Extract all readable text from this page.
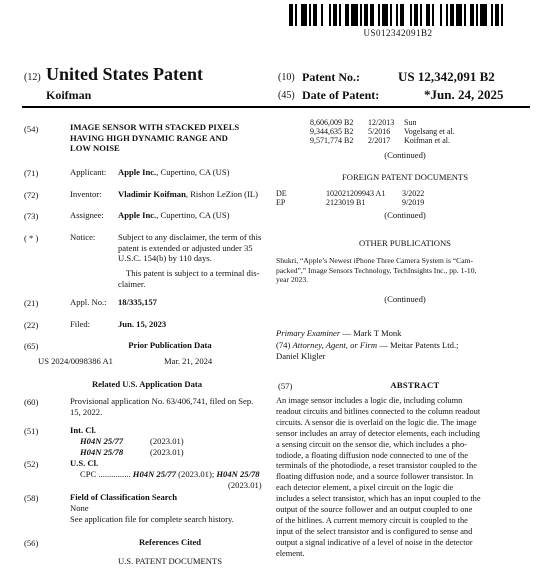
US012342091B2
(12) United States Patent
Koifman
(10) Patent No.:	US 12,342,091 B2
(45) Date of Patent:	*Jun. 24, 2025
(54)	IMAGE SENSOR WITH STACKED PIXELS
HAVING HIGH DYNAMIC RANGE AND
LOW NOISE
(71)	Applicant: Apple Inc., Cupertino, CA (US)
(72)	Inventor: Vladimir Koifman, Rishon LeZion (IL)
(73)	Assignee: Apple Inc., Cupertino, CA (US)
( * )	Notice:	Subject to any disclaimer, the term of this
patent is extended or adjusted under 35
U.S.C. 154(b) by 110 days.
This patent is subject to a terminal dis-
claimer.
(21)	Appl. No.: 18/335,157
(22)	Filed:	Jun. 15, 2023
(65)	Prior Publication Data
US 2024/0098386 A1	Mar. 21, 2024
Related U.S. Application Data
(60)	Provisional application No. 63/406,741, filed on Sep.
15, 2022.
(51)	Int. Cl.
H04N 25/77	(2023.01)
H04N 25/78	(2023.01)
(52)	U.S. Cl.
CPC ............... H04N 25/77 (2023.01); H04N 25/78
(2023.01)
(58)	Field of Classification Search
None
See application file for complete search history.
(56)	References Cited
U.S. PATENT DOCUMENTS
8,606,009 B2	12/2013	Sun
9,344,635 B2	5/2016	Vogelsang et al.
9,571,774 B2	2/2017	Koifman et al.
(Continued)
FOREIGN PATENT DOCUMENTS
DE	102021209943 A1	3/2022
EP	2123019 B1	9/2019
(Continued)
OTHER PUBLICATIONS
Shukri, “Apple’s Newest iPhone Three Camera System is “Cam-
packed”,” Image Sensors Technology, TechInsights Inc., pp. 1-10,
year 2023.
(Continued)
Primary Examiner — Mark T Monk
(74) Attorney, Agent, or Firm — Meitar Patents Ltd.;
Daniel Kligler
(57)	ABSTRACT
An image sensor includes a logic die, including column
readout circuits and bitlines connected to the column readout
circuits. A sensor die is overlaid on the logic die. The image
sensor includes an array of detector elements, each including
a sensing circuit on the sensor die, which includes a pho-
todiode, a floating diffusion node connected to one of the
terminals of the photodiode, a reset transistor coupled to the
floating diffusion node, and a source follower transistor. In
each detector element, a pixel circuit on the logic die
includes a select transistor, which has an input coupled to the
output of the source follower and an output coupled to one
of the bitlines. A current memory circuit is coupled to the
input of the select transistor and is configured to sense and
output a signal indicative of a level of noise in the detector
element.
